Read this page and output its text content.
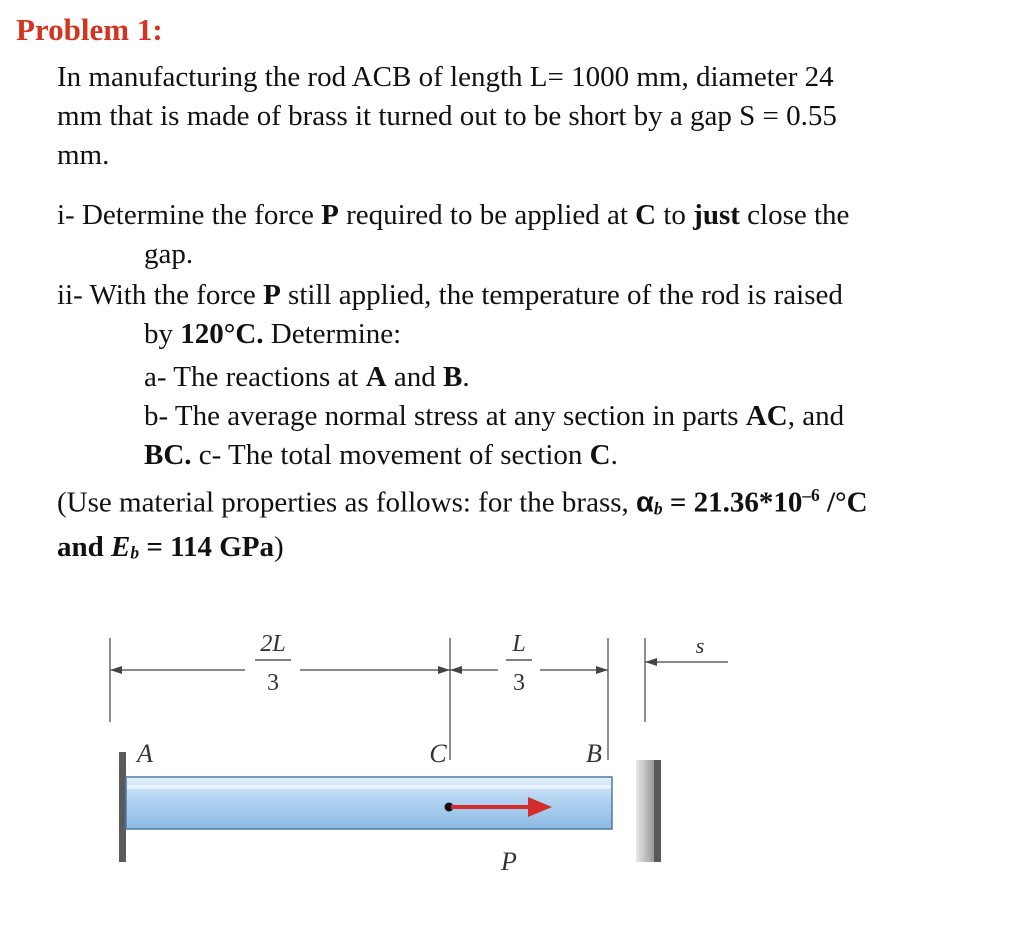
Problem 1:
In manufacturing the rod ACB of length L= 1000 mm, diameter 24
mm that is made of brass it turned out to be short by a gap S = 0.55
mm.
i- Determine the force P required to be applied at C to just close the
gap.
ii- With the force P still applied, the temperature of the rod is raised
by 120°C. Determine:
a- The reactions at A and B.
b- The average normal stress at any section in parts AC, and
BC. c- The total movement of section C.
(Use material properties as follows: for the brass, $\alpha b = 21.36*10^{-6}$ /°C
and Eb = 114 GPa)
2L
3
L
3
s
A	C	B
P
